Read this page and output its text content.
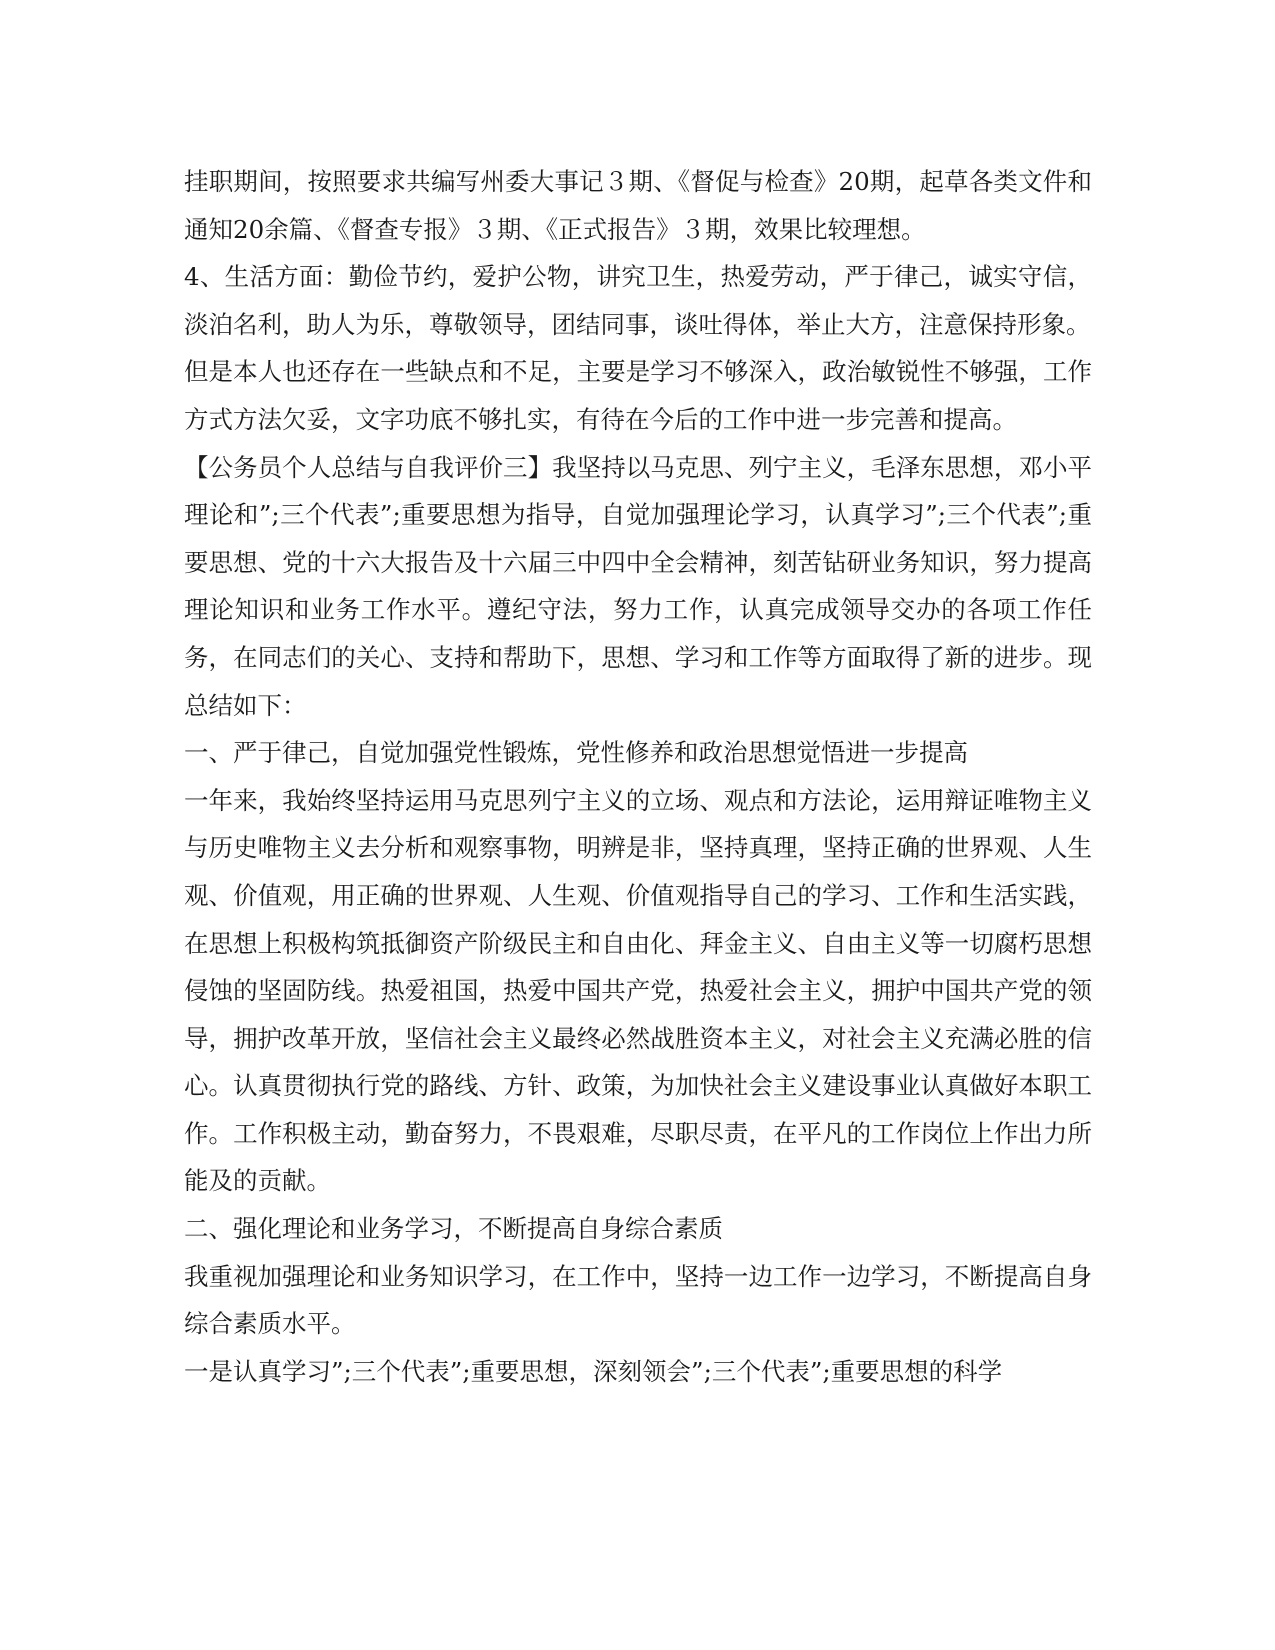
挂职期间，按照要求共编写州委大事记３期、《督促与检查》20期，起草各类文件和通知20余篇、《督查专报》３期、《正式报告》３期，效果比较理想。

4、生活方面：勤俭节约，爱护公物，讲究卫生，热爱劳动，严于律己，诚实守信，淡泊名利，助人为乐，尊敬领导，团结同事，谈吐得体，举止大方，注意保持形象。

但是本人也还存在一些缺点和不足，主要是学习不够深入，政治敏锐性不够强，工作方式方法欠妥，文字功底不够扎实，有待在今后的工作中进一步完善和提高。

【公务员个人总结与自我评价三】我坚持以马克思、列宁主义，毛泽东思想，邓小平理论和”;三个代表”;重要思想为指导，自觉加强理论学习，认真学习”;三个代表”;重要思想、党的十六大报告及十六届三中四中全会精神，刻苦钻研业务知识，努力提高理论知识和业务工作水平。遵纪守法，努力工作，认真完成领导交办的各项工作任务，在同志们的关心、支持和帮助下，思想、学习和工作等方面取得了新的进步。现总结如下：

一、严于律己，自觉加强党性锻炼，党性修养和政治思想觉悟进一步提高

一年来，我始终坚持运用马克思列宁主义的立场、观点和方法论，运用辩证唯物主义与历史唯物主义去分析和观察事物，明辨是非，坚持真理，坚持正确的世界观、人生观、价值观，用正确的世界观、人生观、价值观指导自己的学习、工作和生活实践，在思想上积极构筑抵御资产阶级民主和自由化、拜金主义、自由主义等一切腐朽思想侵蚀的坚固防线。热爱祖国，热爱中国共产党，热爱社会主义，拥护中国共产党的领导，拥护改革开放，坚信社会主义最终必然战胜资本主义，对社会主义充满必胜的信心。认真贯彻执行党的路线、方针、政策，为加快社会主义建设事业认真做好本职工作。工作积极主动，勤奋努力，不畏艰难，尽职尽责，在平凡的工作岗位上作出力所能及的贡献。

二、强化理论和业务学习，不断提高自身综合素质

我重视加强理论和业务知识学习，在工作中，坚持一边工作一边学习，不断提高自身综合素质水平。

一是认真学习”;三个代表”;重要思想，深刻领会”;三个代表”;重要思想的科学
